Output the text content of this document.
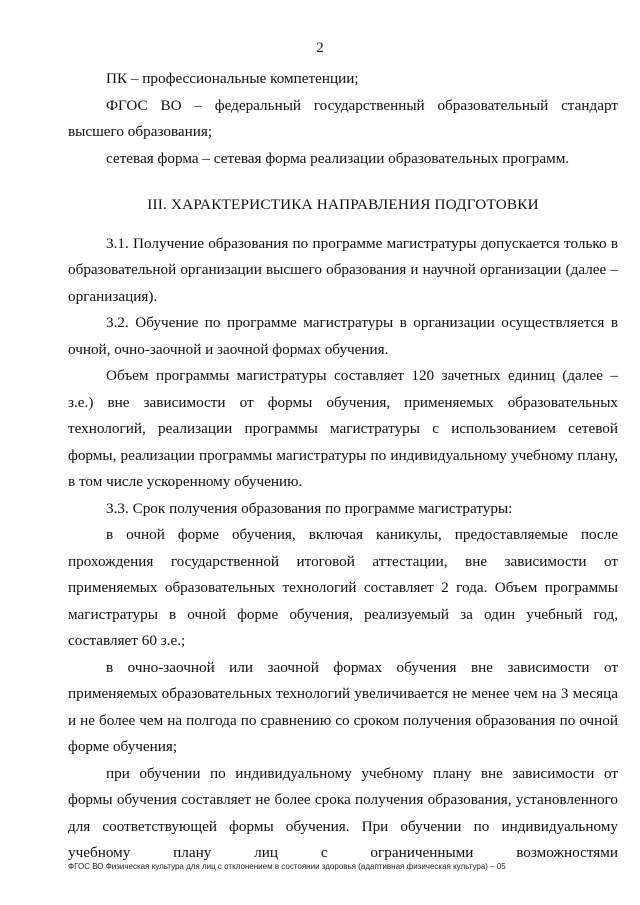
2

ПК – профессиональные компетенции;

ФГОС ВО – федеральный государственный образовательный стандарт высшего образования;

сетевая форма – сетевая форма реализации образовательных программ.

III. ХАРАКТЕРИСТИКА НАПРАВЛЕНИЯ ПОДГОТОВКИ

3.1. Получение образования по программе магистратуры допускается только в образовательной организации высшего образования и научной организации (далее – организация).

3.2. Обучение по программе магистратуры в организации осуществляется в очной, очно-заочной и заочной формах обучения.

Объем программы магистратуры составляет 120 зачетных единиц (далее – з.е.) вне зависимости от формы обучения, применяемых образовательных технологий, реализации программы магистратуры с использованием сетевой формы, реализации программы магистратуры по индивидуальному учебному плану, в том числе ускоренному обучению.

3.3. Срок получения образования по программе магистратуры:

в очной форме обучения, включая каникулы, предоставляемые после прохождения государственной итоговой аттестации, вне зависимости от применяемых образовательных технологий составляет 2 года. Объем программы магистратуры в очной форме обучения, реализуемый за один учебный год, составляет 60 з.е.;

в очно-заочной или заочной формах обучения вне зависимости от применяемых образовательных технологий увеличивается не менее чем на 3 месяца и не более чем на полгода по сравнению со сроком получения образования по очной форме обучения;

при обучении по индивидуальному учебному плану вне зависимости от формы обучения составляет не более срока получения образования, установленного для соответствующей формы обучения. При обучении по индивидуальному учебному плану лиц с ограниченными возможностями

ФГОС ВО Физическая культура для лиц с отклонением в состоянии здоровья (адаптивная физическая культура) – 05
